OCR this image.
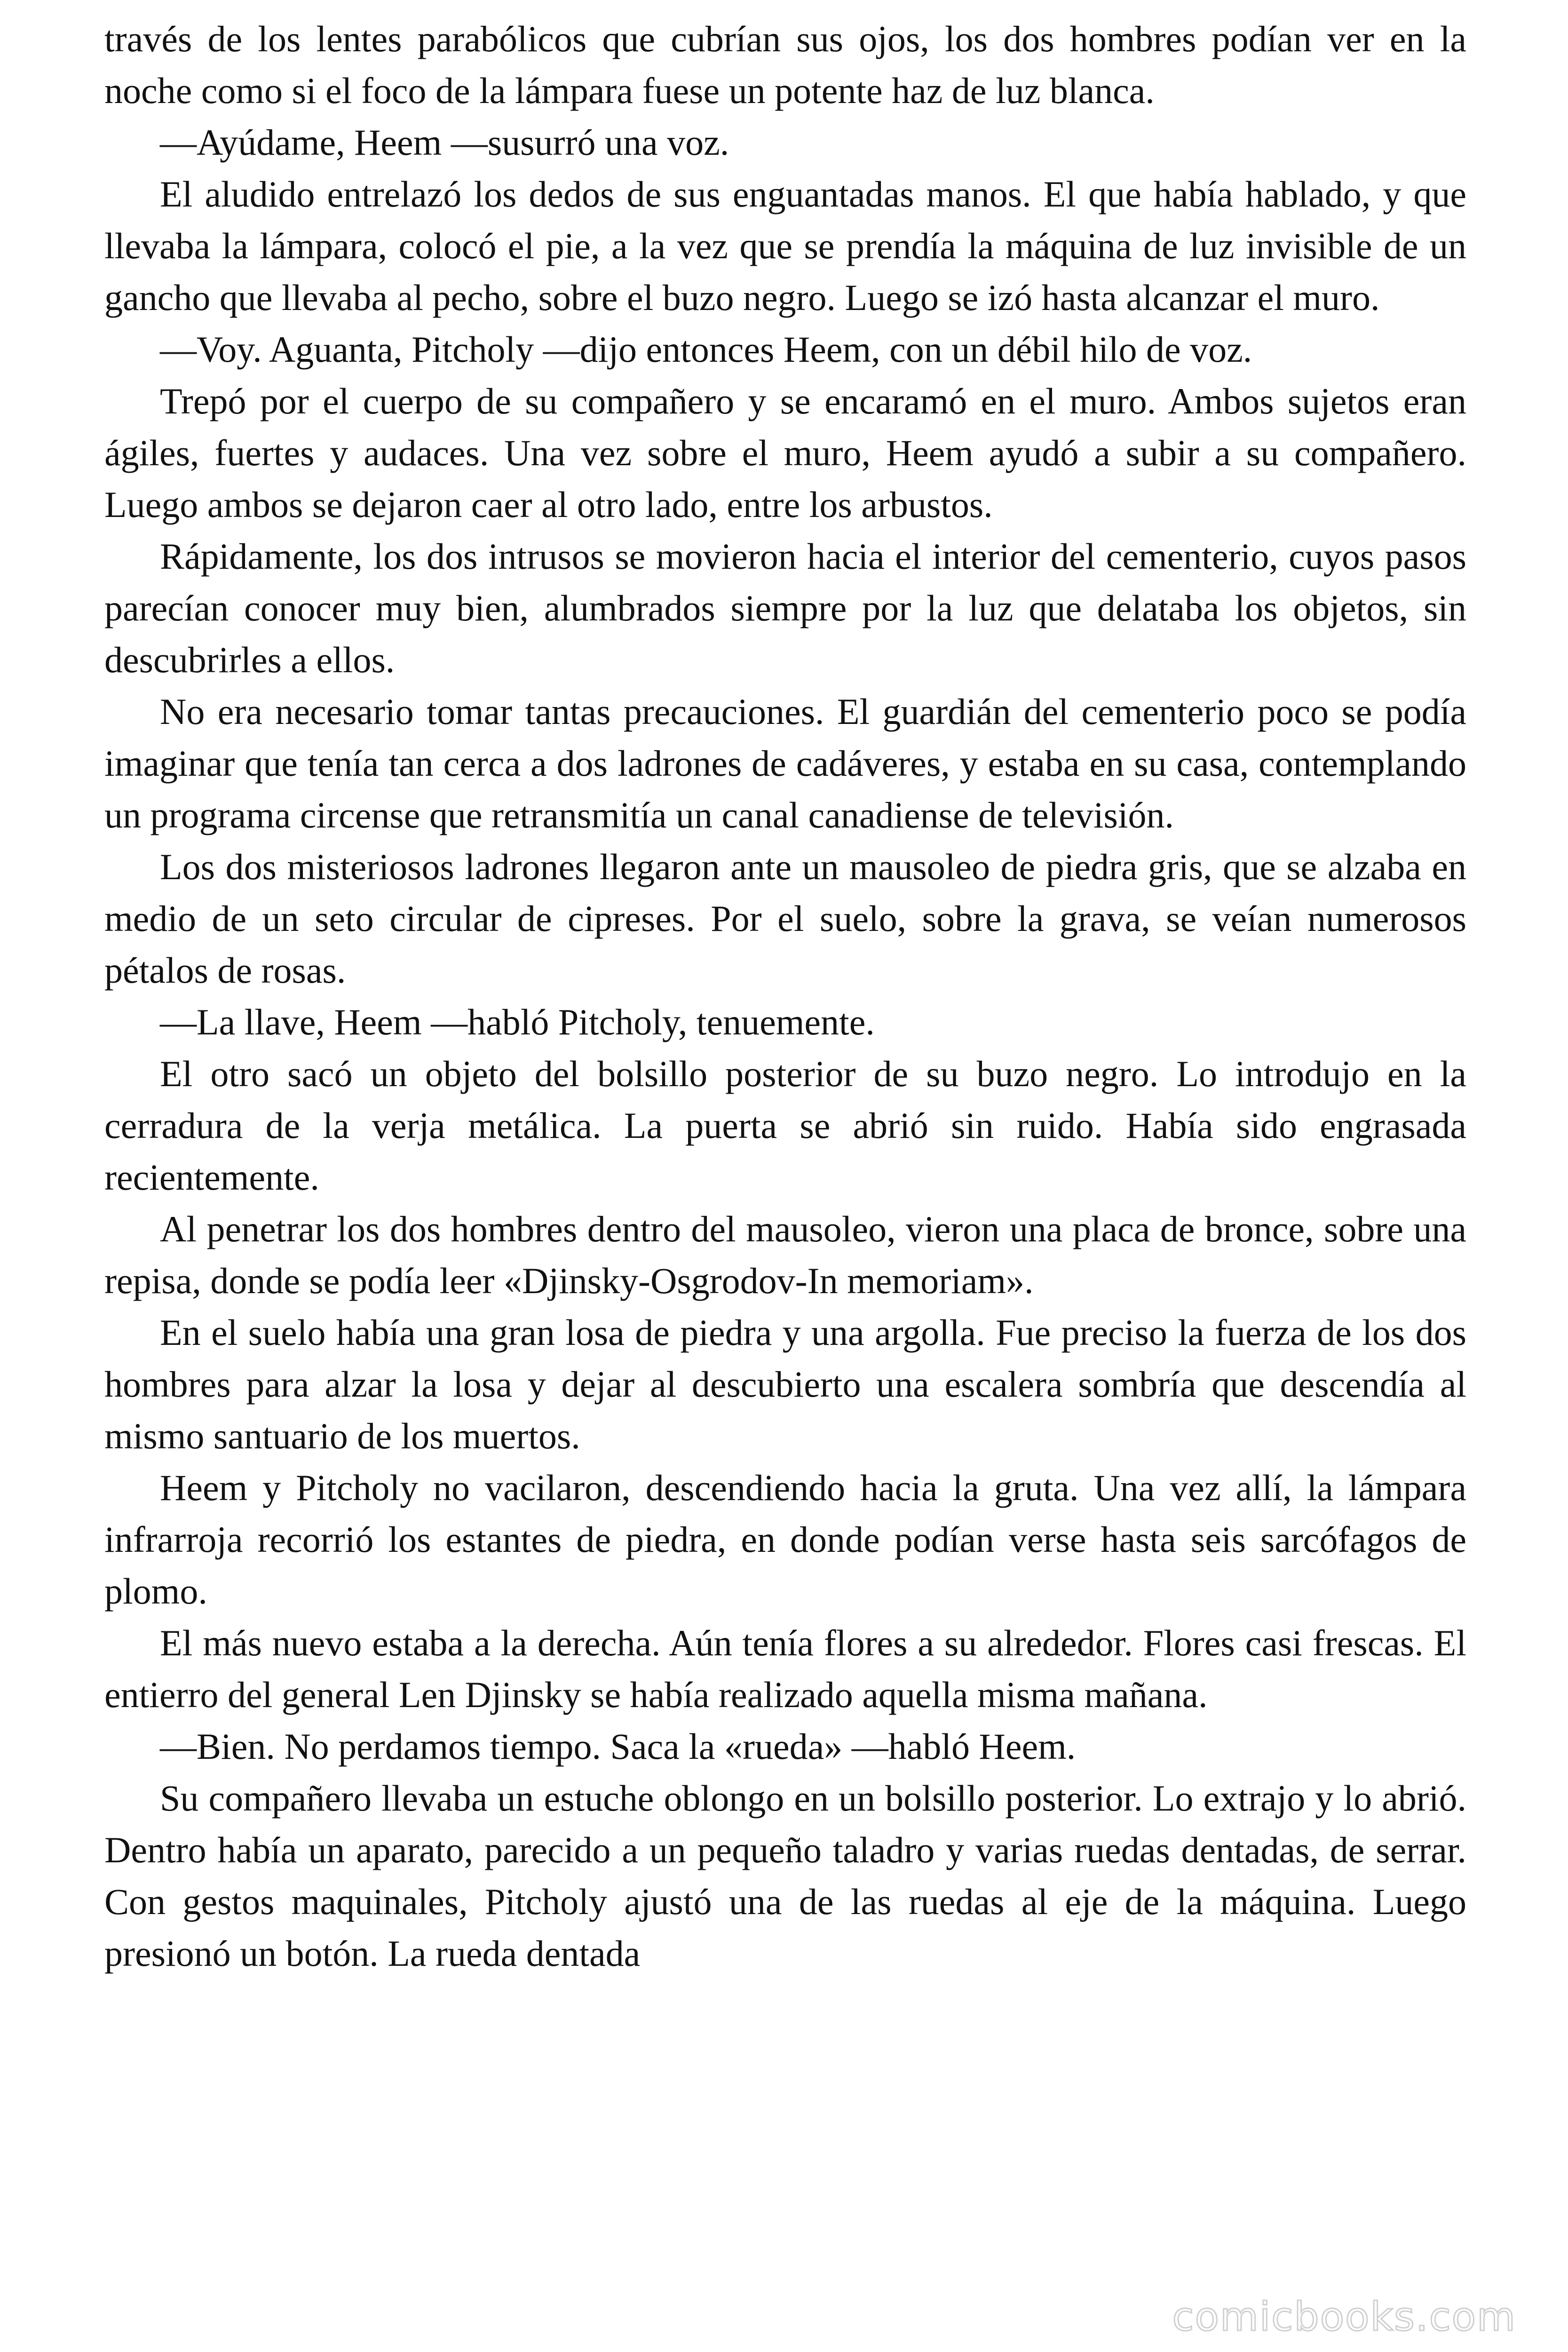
través de los lentes parabólicos que cubrían sus ojos, los dos hombres podían ver en la noche como si el foco de la lámpara fuese un potente haz de luz blanca.

—Ayúdame, Heem —susurró una voz.

El aludido entrelazó los dedos de sus enguantadas manos. El que había hablado, y que llevaba la lámpara, colocó el pie, a la vez que se prendía la máquina de luz invisible de un gancho que llevaba al pecho, sobre el buzo negro. Luego se izó hasta alcanzar el muro.

—Voy. Aguanta, Pitcholy —dijo entonces Heem, con un débil hilo de voz.

Trepó por el cuerpo de su compañero y se encaramó en el muro. Ambos sujetos eran ágiles, fuertes y audaces. Una vez sobre el muro, Heem ayudó a subir a su compañero. Luego ambos se dejaron caer al otro lado, entre los arbustos.

Rápidamente, los dos intrusos se movieron hacia el interior del cementerio, cuyos pasos parecían conocer muy bien, alumbrados siempre por la luz que delataba los objetos, sin descubrirles a ellos.

No era necesario tomar tantas precauciones. El guardián del cementerio poco se podía imaginar que tenía tan cerca a dos ladrones de cadáveres, y estaba en su casa, contemplando un programa circense que retransmitía un canal canadiense de televisión.

Los dos misteriosos ladrones llegaron ante un mausoleo de piedra gris, que se alzaba en medio de un seto circular de cipreses. Por el suelo, sobre la grava, se veían numerosos pétalos de rosas.

—La llave, Heem —habló Pitcholy, tenuemente.

El otro sacó un objeto del bolsillo posterior de su buzo negro. Lo introdujo en la cerradura de la verja metálica. La puerta se abrió sin ruido. Había sido engrasada recientemente.

Al penetrar los dos hombres dentro del mausoleo, vieron una placa de bronce, sobre una repisa, donde se podía leer «Djinsky-Osgrodov-In memoriam».

En el suelo había una gran losa de piedra y una argolla. Fue preciso la fuerza de los dos hombres para alzar la losa y dejar al descubierto una escalera sombría que descendía al mismo santuario de los muertos.

Heem y Pitcholy no vacilaron, descendiendo hacia la gruta. Una vez allí, la lámpara infrarroja recorrió los estantes de piedra, en donde podían verse hasta seis sarcófagos de plomo.

El más nuevo estaba a la derecha. Aún tenía flores a su alrededor. Flores casi frescas. El entierro del general Len Djinsky se había realizado aquella misma mañana.

—Bien. No perdamos tiempo. Saca la «rueda» —habló Heem.

Su compañero llevaba un estuche oblongo en un bolsillo posterior. Lo extrajo y lo abrió. Dentro había un aparato, parecido a un pequeño taladro y varias ruedas dentadas, de serrar. Con gestos maquinales, Pitcholy ajustó una de las ruedas al eje de la máquina. Luego presionó un botón. La rueda dentada

comicbooks.com
